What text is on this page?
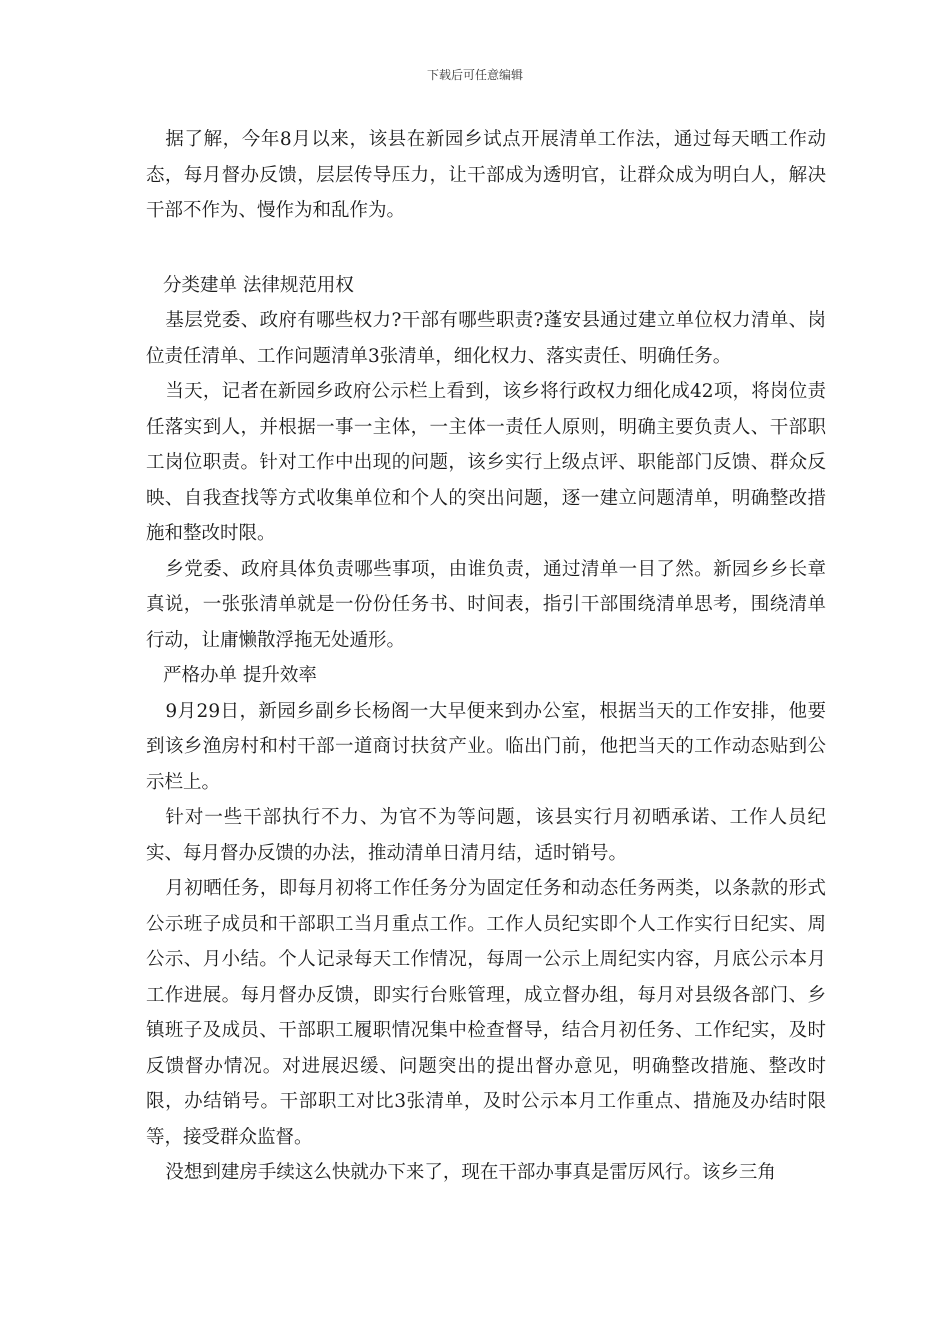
下载后可任意编辑

据了解，今年8月以来，该县在新园乡试点开展清单工作法，通过每天晒工作动态，每月督办反馈，层层传导压力，让干部成为透明官，让群众成为明白人，解决干部不作为、慢作为和乱作为。

分类建单 法律规范用权

基层党委、政府有哪些权力?干部有哪些职责?蓬安县通过建立单位权力清单、岗位责任清单、工作问题清单3张清单，细化权力、落实责任、明确任务。

当天，记者在新园乡政府公示栏上看到，该乡将行政权力细化成42项，将岗位责任落实到人，并根据一事一主体，一主体一责任人原则，明确主要负责人、干部职工岗位职责。针对工作中出现的问题，该乡实行上级点评、职能部门反馈、群众反映、自我查找等方式收集单位和个人的突出问题，逐一建立问题清单，明确整改措施和整改时限。

乡党委、政府具体负责哪些事项，由谁负责，通过清单一目了然。新园乡乡长章真说，一张张清单就是一份份任务书、时间表，指引干部围绕清单思考，围绕清单行动，让庸懒散浮拖无处遁形。

严格办单 提升效率

9月29日，新园乡副乡长杨阁一大早便来到办公室，根据当天的工作安排，他要到该乡渔房村和村干部一道商讨扶贫产业。临出门前，他把当天的工作动态贴到公示栏上。

针对一些干部执行不力、为官不为等问题，该县实行月初晒承诺、工作人员纪实、每月督办反馈的办法，推动清单日清月结，适时销号。

月初晒任务，即每月初将工作任务分为固定任务和动态任务两类，以条款的形式公示班子成员和干部职工当月重点工作。工作人员纪实即个人工作实行日纪实、周公示、月小结。个人记录每天工作情况，每周一公示上周纪实内容，月底公示本月工作进展。每月督办反馈，即实行台账管理，成立督办组，每月对县级各部门、乡镇班子及成员、干部职工履职情况集中检查督导，结合月初任务、工作纪实，及时反馈督办情况。对进展迟缓、问题突出的提出督办意见，明确整改措施、整改时限，办结销号。干部职工对比3张清单，及时公示本月工作重点、措施及办结时限等，接受群众监督。

没想到建房手续这么快就办下来了，现在干部办事真是雷厉风行。该乡三角
